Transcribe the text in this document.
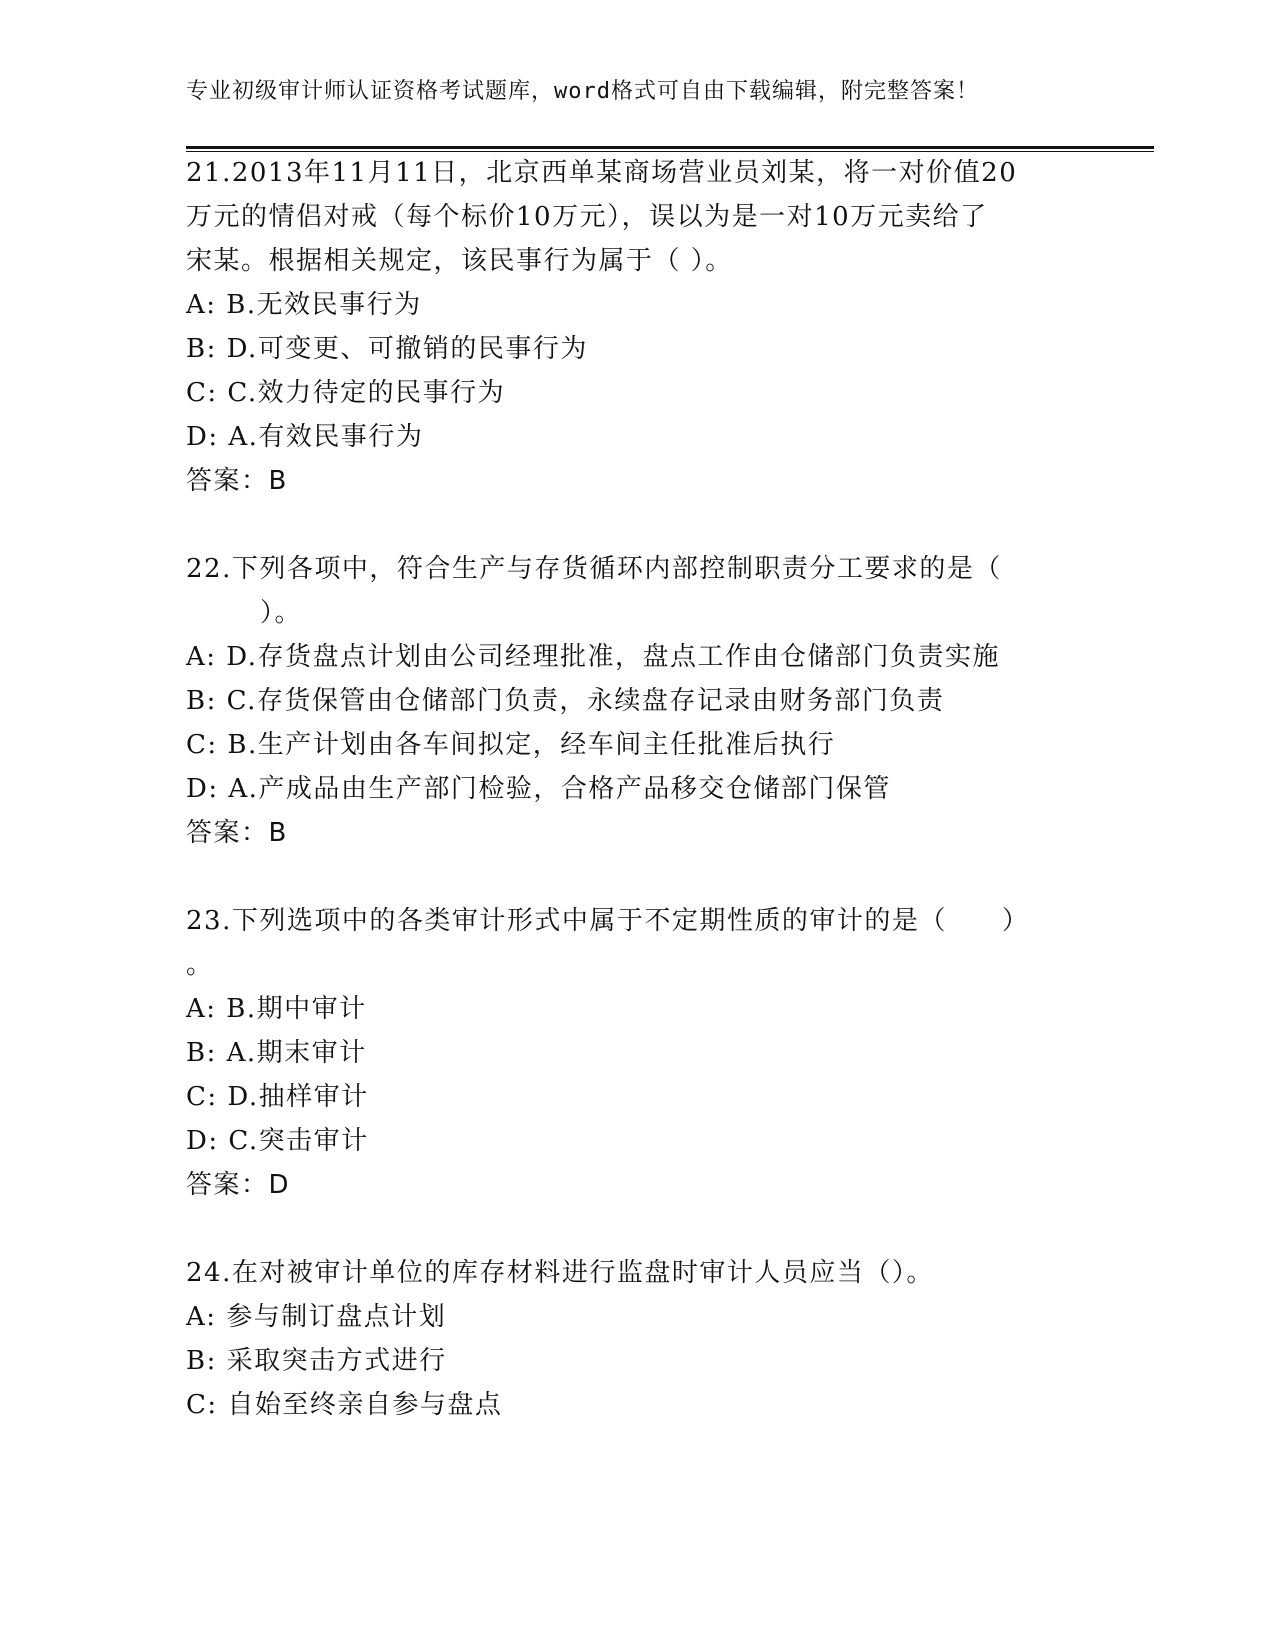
专业初级审计师认证资格考试题库，word格式可自由下载编辑，附完整答案！
21.2013年11月11日，北京西单某商场营业员刘某，将一对价值20
万元的情侣对戒（每个标价10万元），误以为是一对10万元卖给了
宋某。根据相关规定，该民事行为属于（ ）。
A: B.无效民事行为
B: D.可变更、可撤销的民事行为
C: C.效力待定的民事行为
D: A.有效民事行为
答案：B
22.下列各项中，符合生产与存货循环内部控制职责分工要求的是（
）。
A: D.存货盘点计划由公司经理批准，盘点工作由仓储部门负责实施
B: C.存货保管由仓储部门负责，永续盘存记录由财务部门负责
C: B.生产计划由各车间拟定，经车间主任批准后执行
D: A.产成品由生产部门检验，合格产品移交仓储部门保管
答案：B
23.下列选项中的各类审计形式中属于不定期性质的审计的是（　　）
。
A: B.期中审计
B: A.期末审计
C: D.抽样审计
D: C.突击审计
答案：D
24.在对被审计单位的库存材料进行监盘时审计人员应当（）。
A: 参与制订盘点计划
B: 采取突击方式进行
C: 自始至终亲自参与盘点
